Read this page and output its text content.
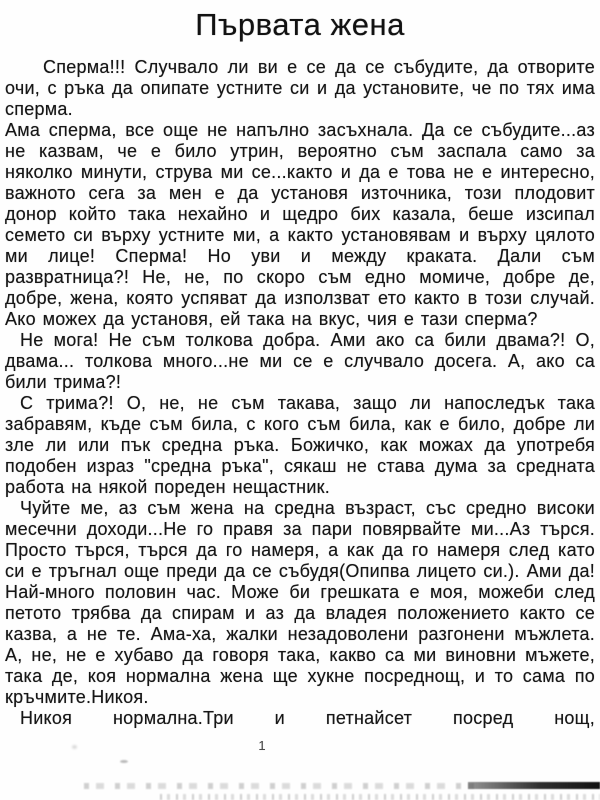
Първата жена

Сперма!!! Случвало ли ви е се да се събудите, да отворите очи, с ръка да опипате устните си и да установите, че по тях има сперма.

Ама сперма, все още не напълно засъхнала. Да се събудите...аз не казвам, че е било утрин, вероятно съм заспала само за няколко минути, струва ми се...както и да е това не е интересно, важното сега за мен е да установя източника, този плодовит донор който така нехайно и щедро бих казала, беше изсипал семето си върху устните ми, а както установявам и върху цялото ми лице! Сперма! Но уви и между краката. Дали съм развратница?! Не, не, по скоро съм едно момиче, добре де, добре, жена, която успяват да използват ето както в този случай. Ако можех да установя, ей така на вкус, чия е тази сперма?

Не мога! Не съм толкова добра. Ами ако са били двама?! О, двама... толкова много...не ми се е случвало досега. А, ако са били трима?!

С трима?! О, не, не съм такава, защо ли напоследък така забравям, къде съм била, с кого съм била, как е било, добре ли зле ли или пък средна ръка. Божичко, как можах да употребя подобен израз "средна ръка", сякаш не става дума за средната работа на някой пореден нещастник.

Чуйте ме, аз съм жена на средна възраст, със средно високи месечни доходи...Не го правя за пари повярвайте ми...Аз търся. Просто търся, търся да го намеря, а как да го намеря след като си е тръгнал още преди да се събудя(Опипва лицето си.). Ами да! Най-много половин час. Може би грешката е моя, можеби след петото трябва да спирам и аз да владея положението както се казва, а не те. Ама-ха, жалки незадоволени разгонени мъжлета. А, не, не е хубаво да говоря така, какво са ми виновни мъжете, така де, коя нормална жена ще хукне посреднощ, и то сама по кръчмите.Никоя.

Никоя нормална.Три и петнайсет посред нощ,

1
